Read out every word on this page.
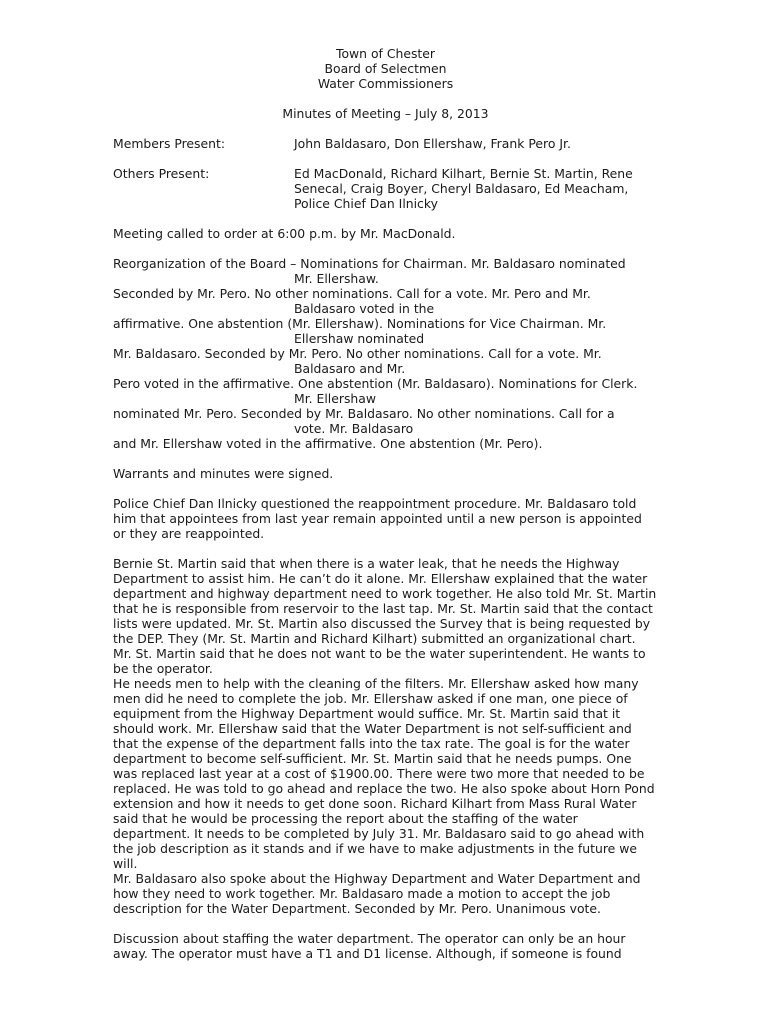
Town of Chester
Board of Selectmen
Water Commissioners
Minutes of Meeting – July 8, 2013
Members Present:	John Baldasaro, Don Ellershaw, Frank Pero Jr.
Others Present:	Ed MacDonald, Richard Kilhart, Bernie St. Martin, Rene Senecal, Craig Boyer, Cheryl Baldasaro, Ed Meacham, Police Chief Dan Ilnicky

Meeting called to order at 6:00 p.m. by Mr. MacDonald.

Reorganization of the Board – Nominations for Chairman. Mr. Baldasaro nominated
Mr. Ellershaw.
Seconded by Mr. Pero. No other nominations. Call for a vote. Mr. Pero and Mr.
Baldasaro voted in the
affirmative. One abstention (Mr. Ellershaw). Nominations for Vice Chairman. Mr.
Ellershaw nominated
Mr. Baldasaro. Seconded by Mr. Pero. No other nominations. Call for a vote. Mr.
Baldasaro and Mr.
Pero voted in the affirmative. One abstention (Mr. Baldasaro). Nominations for Clerk.
Mr. Ellershaw
nominated Mr. Pero. Seconded by Mr. Baldasaro. No other nominations. Call for a
vote. Mr. Baldasaro
and Mr. Ellershaw voted in the affirmative. One abstention (Mr. Pero).

Warrants and minutes were signed.

Police Chief Dan Ilnicky questioned the reappointment procedure. Mr. Baldasaro told him that appointees from last year remain appointed until a new person is appointed or they are reappointed.

Bernie St. Martin said that when there is a water leak, that he needs the Highway Department to assist him. He can’t do it alone. Mr. Ellershaw explained that the water department and highway department need to work together. He also told Mr. St. Martin that he is responsible from reservoir to the last tap. Mr. St. Martin said that the contact lists were updated. Mr. St. Martin also discussed the Survey that is being requested by the DEP. They (Mr. St. Martin and Richard Kilhart) submitted an organizational chart. Mr. St. Martin said that he does not want to be the water superintendent. He wants to be the operator.

He needs men to help with the cleaning of the filters. Mr. Ellershaw asked how many men did he need to complete the job. Mr. Ellershaw asked if one man, one piece of equipment from the Highway Department would suffice. Mr. St. Martin said that it should work. Mr. Ellershaw said that the Water Department is not self-sufficient and that the expense of the department falls into the tax rate. The goal is for the water department to become self-sufficient. Mr. St. Martin said that he needs pumps. One was replaced last year at a cost of $1900.00. There were two more that needed to be replaced. He was told to go ahead and replace the two. He also spoke about Horn Pond extension and how it needs to get done soon. Richard Kilhart from Mass Rural Water said that he would be processing the report about the staffing of the water department. It needs to be completed by July 31. Mr. Baldasaro said to go ahead with the job description as it stands and if we have to make adjustments in the future we will.

Mr. Baldasaro also spoke about the Highway Department and Water Department and how they need to work together. Mr. Baldasaro made a motion to accept the job description for the Water Department. Seconded by Mr. Pero. Unanimous vote.

Discussion about staffing the water department. The operator can only be an hour away. The operator must have a T1 and D1 license. Although, if someone is found
